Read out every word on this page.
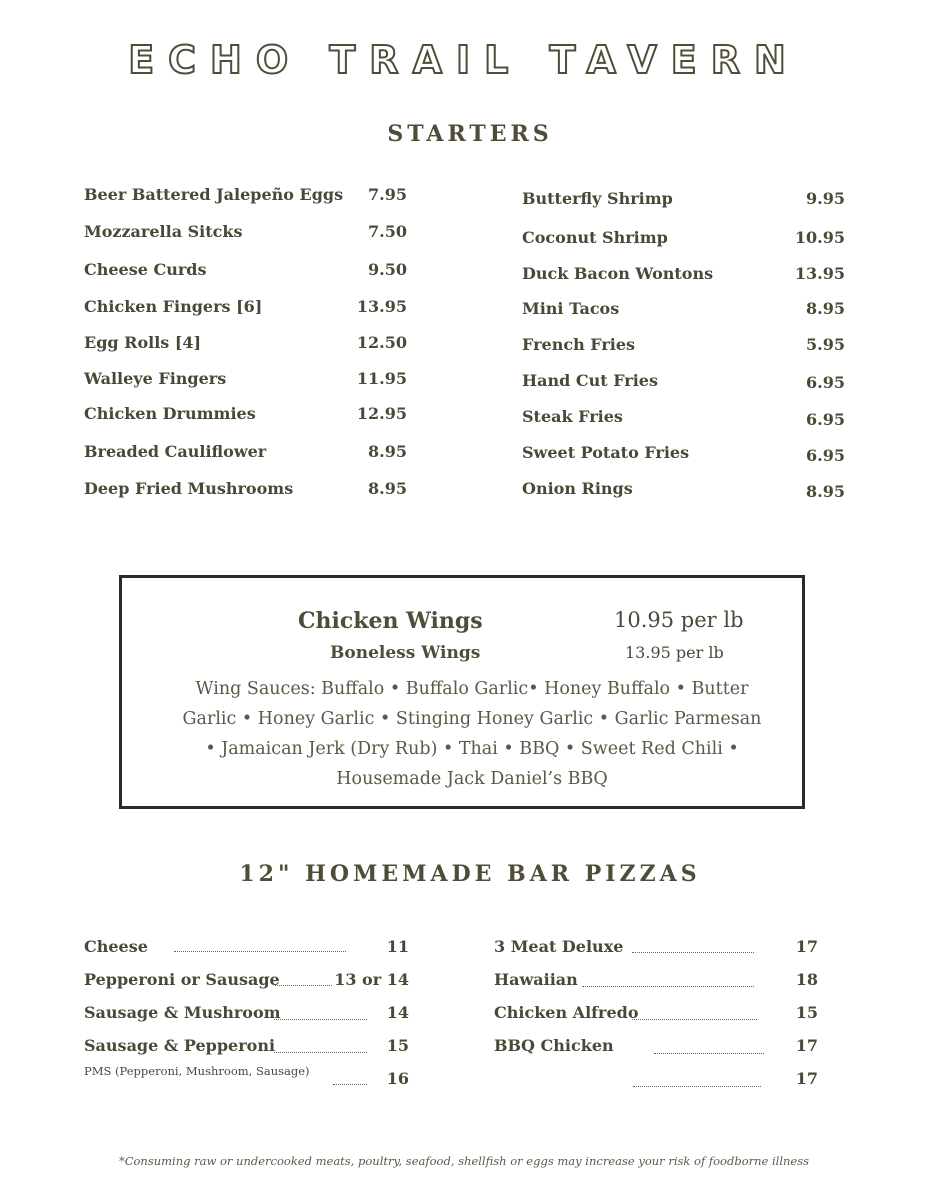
ECHO TRAIL TAVERN
STARTERS
Beer Battered Jalepeño Eggs	7.95
Mozzarella Sitcks	7.50
Cheese Curds	9.50
Chicken Fingers [6]	13.95
Egg Rolls [4]	12.50
Walleye Fingers	11.95
Chicken Drummies	12.95
Breaded Cauliflower	8.95
Deep Fried Mushrooms	8.95
Butterfly Shrimp	9.95
Coconut Shrimp	10.95
Duck Bacon Wontons	13.95
Mini Tacos	8.95
French Fries	5.95
Hand Cut Fries	6.95
Steak Fries	6.95
Sweet Potato Fries	6.95
Onion Rings	8.95
Chicken Wings	10.95 per lb
Boneless Wings	13.95 per lb
Wing Sauces: Buffalo • Buffalo Garlic• Honey Buffalo • Butter Garlic • Honey Garlic • Stinging Honey Garlic • Garlic Parmesan • Jamaican Jerk (Dry Rub) • Thai • BBQ • Sweet Red Chili • Housemade Jack Daniel’s BBQ
12" HOMEMADE BAR PIZZAS
Cheese	11
Pepperoni or Sausage	13 or 14
Sausage & Mushroom	14
Sausage & Pepperoni	15
PMS (Pepperoni, Mushroom, Sausage)	16
3 Meat Deluxe	17
Hawaiian	18
Chicken Alfredo	15
BBQ Chicken	17
17
*Consuming raw or undercooked meats, poultry, seafood, shellfish or eggs may increase your risk of foodborne illness
